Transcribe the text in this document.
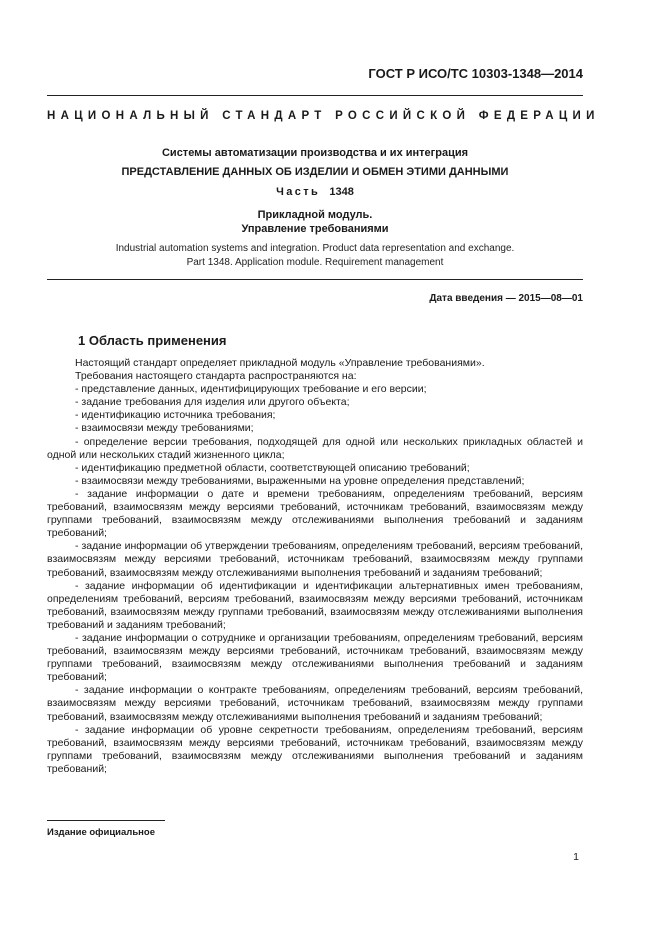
ГОСТ Р ИСО/ТС 10303-1348—2014
НАЦИОНАЛЬНЫЙ СТАНДАРТ РОССИЙСКОЙ ФЕДЕРАЦИИ
Системы автоматизации производства и их интеграция
ПРЕДСТАВЛЕНИЕ ДАННЫХ ОБ ИЗДЕЛИИ И ОБМЕН ЭТИМИ ДАННЫМИ
Часть 1348
Прикладной модуль.
Управление требованиями
Industrial automation systems and integration. Product data representation and exchange.
Part 1348. Application module. Requirement management
Дата введения — 2015—08—01
1 Область применения

Настоящий стандарт определяет прикладной модуль «Управление требованиями».

Требования настоящего стандарта распространяются на:

- представление данных, идентифицирующих требование и его версии;

- задание требования для изделия или другого объекта;

- идентификацию источника требования;

- взаимосвязи между требованиями;

- определение версии требования, подходящей для одной или нескольких прикладных областей и одной или нескольких стадий жизненного цикла;

- идентификацию предметной области, соответствующей описанию требований;

- взаимосвязи между требованиями, выраженными на уровне определения представлений;

- задание информации о дате и времени требованиям, определениям требований, версиям требований, взаимосвязям между версиями требований, источникам требований, взаимосвязям между группами требований, взаимосвязям между отслеживаниями выполнения требований и заданиям требований;

- задание информации об утверждении требованиям, определениям требований, версиям требований, взаимосвязям между версиями требований, источникам требований, взаимосвязям между группами требований, взаимосвязям между отслеживаниями выполнения требований и заданиям требований;

- задание информации об идентификации и идентификации альтернативных имен требованиям, определениям требований, версиям требований, взаимосвязям между версиями требований, источникам требований, взаимосвязям между группами требований, взаимосвязям между отслеживаниями выполнения требований и заданиям требований;

- задание информации о сотруднике и организации требованиям, определениям требований, версиям требований, взаимосвязям между версиями требований, источникам требований, взаимосвязям между группами требований, взаимосвязям между отслеживаниями выполнения требований и заданиям требований;

- задание информации о контракте требованиям, определениям требований, версиям требований, взаимосвязям между версиями требований, источникам требований, взаимосвязям между группами требований, взаимосвязям между отслеживаниями выполнения требований и заданиям требований;

- задание информации об уровне секретности требованиям, определениям требований, версиям требований, взаимосвязям между версиями требований, источникам требований, взаимосвязям между группами требований, взаимосвязям между отслеживаниями выполнения требований и заданиям требований;

Издание официальное
1
